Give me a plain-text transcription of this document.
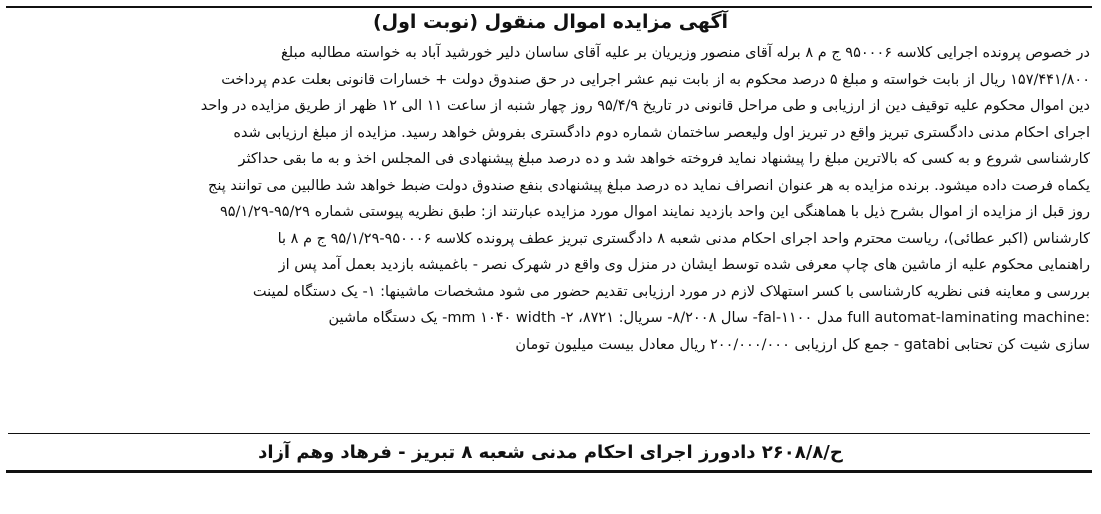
آگهی مزایده اموال منقول (نوبت اول)
در خصوص پرونده اجرایی کلاسه ۹۵۰۰۰۶ ج م ۸ برله آقای منصور وزیریان بر علیه آقای ساسان دلیر خورشید آباد به خواسته مطالبه مبلغ
۱۵۷/۴۴۱/۸۰۰ ریال از بابت خواسته و مبلغ ۵ درصد محکوم به از بابت نیم عشر اجرایی در حق صندوق دولت + خسارات قانونی بعلت عدم پرداخت
دین اموال محکوم علیه توقیف دین از ارزیابی و طی مراحل قانونی در تاریخ ۹۵/۴/۹ روز چهار شنبه از ساعت ۱۱ الی ۱۲ ظهر از طریق مزایده در واحد
اجرای احکام مدنی دادگستری تبریز واقع در تبریز اول ولیعصر ساختمان شماره دوم دادگستری بفروش خواهد رسید. مزایده از مبلغ ارزیابی شده
کارشناسی شروع و به کسی که بالاترین مبلغ را پیشنهاد نماید فروخته خواهد شد و ده درصد مبلغ پیشنهادی فی المجلس اخذ و به ما بقی حداکثر
یکماه فرصت داده میشود. برنده مزایده به هر عنوان انصراف نماید ده درصد مبلغ پیشنهادی بنفع صندوق دولت ضبط خواهد شد طالبین می توانند پنج
روز قبل از مزایده از اموال بشرح ذیل با هماهنگی این واحد بازدید نمایند اموال مورد مزایده عبارتند از: طبق نظریه پیوستی شماره ۹۵/۲۹-۹۵/۱/۲۹
کارشناس (اکبر عطائی)، ریاست محترم واحد اجرای احکام مدنی شعبه ۸ دادگستری تبریز عطف پرونده کلاسه ۹۵۰۰۰۶-۹۵/۱/۲۹ ج م ۸ با
راهنمایی محکوم علیه از ماشین های چاپ معرفی شده توسط ایشان در منزل وی واقع در شهرک نصر - باغمیشه بازدید بعمل آمد پس از
بررسی و معاینه فنی نظریه کارشناسی با کسر استهلاک لازم در مورد ارزیابی تقدیم حضور می شود مشخصات ماشینها: ۱- یک دستگاه لمینت
:full automat-laminating machine مدل fal-۱۱۰۰- سال ۸/۲۰۰۸- سریال: ۸۷۲۱، mm ۱۰۴۰ width -۲- یک دستگاه ماشین
سازی شیت کن تحتابی gatabi - جمع کل ارزیابی ۲۰۰/۰۰۰/۰۰۰ ریال معادل بیست میلیون تومان
ح/۲۶۰۸/۸ دادورز اجرای احکام مدنی شعبه ۸ تبریز - فرهاد وهم آزاد
